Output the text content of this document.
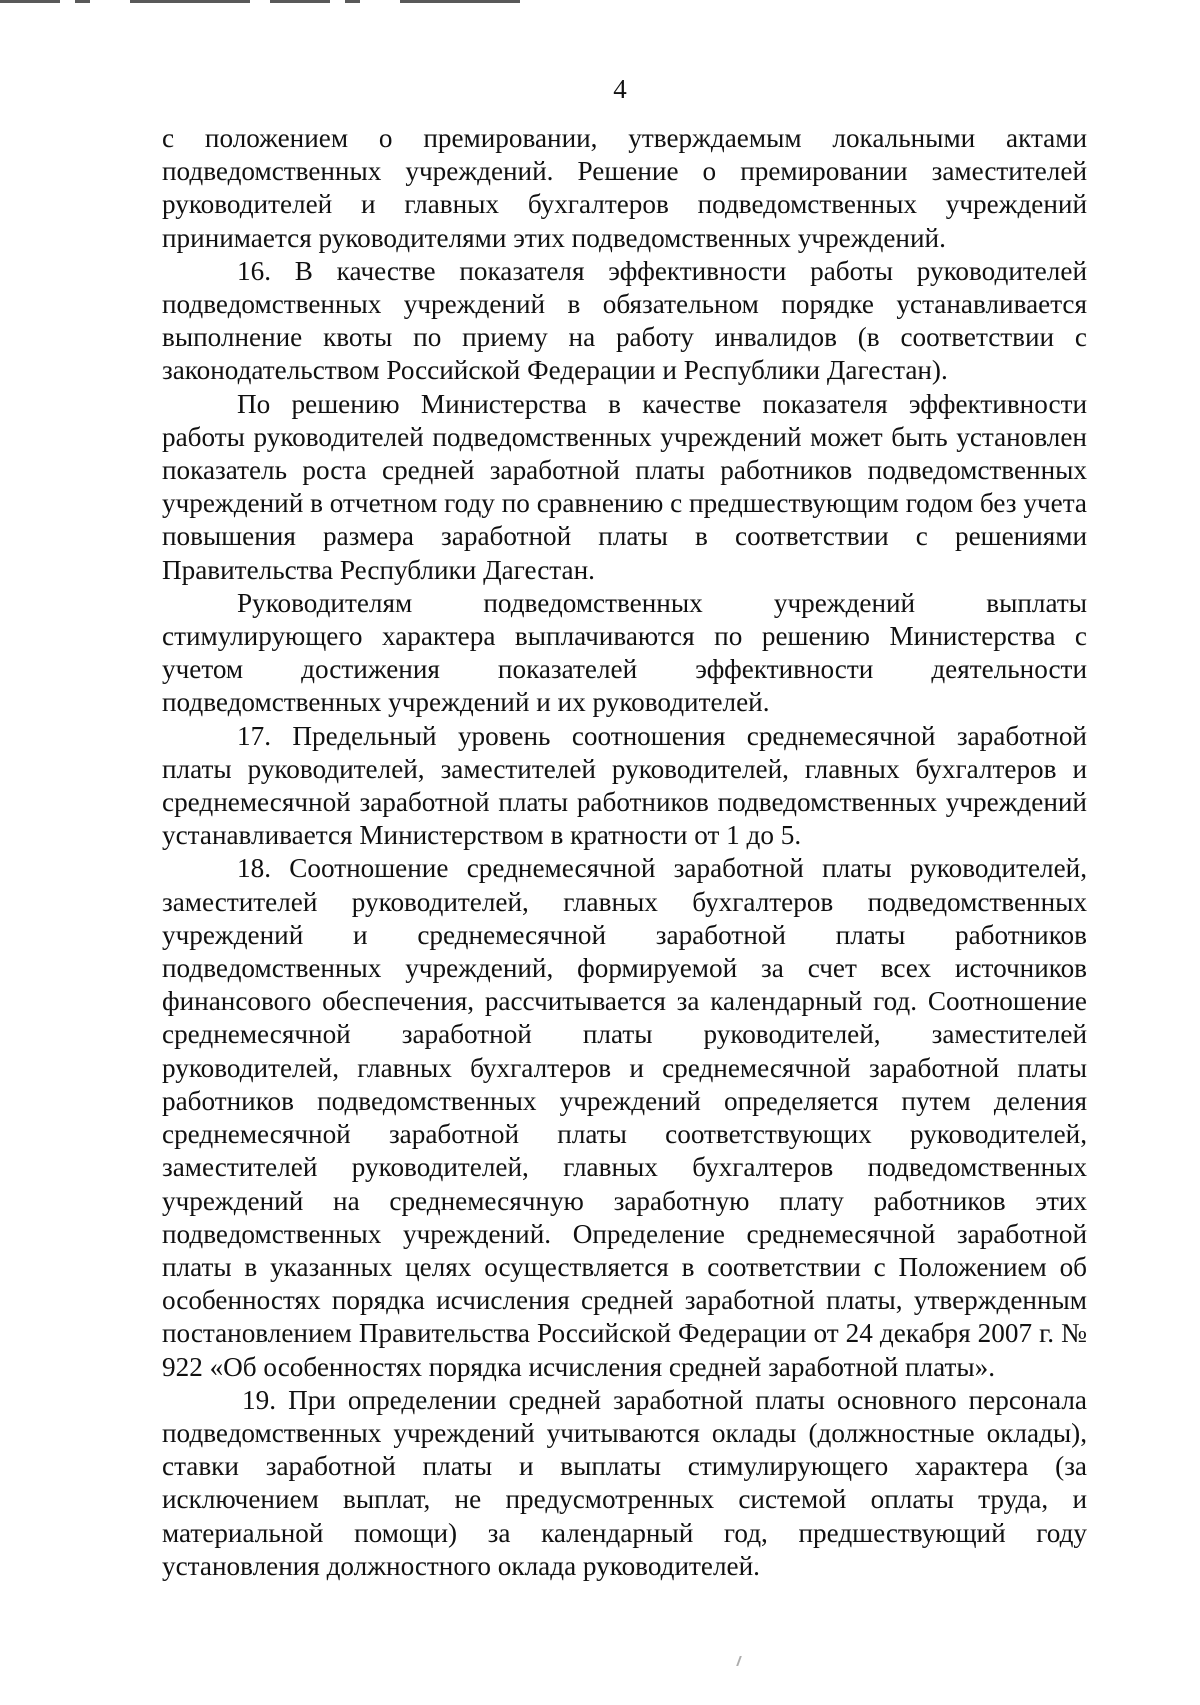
4

с положением о премировании, утверждаемым локальными актами подведомственных учреждений. Решение о премировании заместителей руководителей и главных бухгалтеров подведомственных учреждений принимается руководителями этих подведомственных учреждений.

16. В качестве показателя эффективности работы руководителей подведомственных учреждений в обязательном порядке устанавливается выполнение квоты по приему на работу инвалидов (в соответствии с законодательством Российской Федерации и Республики Дагестан).

По решению Министерства в качестве показателя эффективности работы руководителей подведомственных учреждений может быть установлен показатель роста средней заработной платы работников подведомственных учреждений в отчетном году по сравнению с предшествующим годом без учета повышения размера заработной платы в соответствии с решениями Правительства Республики Дагестан.

Руководителям подведомственных учреждений выплаты стимулирующего характера выплачиваются по решению Министерства с учетом достижения показателей эффективности деятельности подведомственных учреждений и их руководителей.

17. Предельный уровень соотношения среднемесячной заработной платы руководителей, заместителей руководителей, главных бухгалтеров и среднемесячной заработной платы работников подведомственных учреждений устанавливается Министерством в кратности от 1 до 5.

18. Соотношение среднемесячной заработной платы руководителей, заместителей руководителей, главных бухгалтеров подведомственных учреждений и среднемесячной заработной платы работников подведомственных учреждений, формируемой за счет всех источников финансового обеспечения, рассчитывается за календарный год. Соотношение среднемесячной заработной платы руководителей, заместителей руководителей, главных бухгалтеров и среднемесячной заработной платы работников подведомственных учреждений определяется путем деления среднемесячной заработной платы соответствующих руководителей, заместителей руководителей, главных бухгалтеров подведомственных учреждений на среднемесячную заработную плату работников этих подведомственных учреждений. Определение среднемесячной заработной платы в указанных целях осуществляется в соответствии с Положением об особенностях порядка исчисления средней заработной платы, утвержденным постановлением Правительства Российской Федерации от 24 декабря 2007 г. № 922 «Об особенностях порядка исчисления средней заработной платы».

19. При определении средней заработной платы основного персонала подведомственных учреждений учитываются оклады (должностные оклады), ставки заработной платы и выплаты стимулирующего характера (за исключением выплат, не предусмотренных системой оплаты труда, и материальной помощи) за календарный год, предшествующий году установления должностного оклада руководителей.
